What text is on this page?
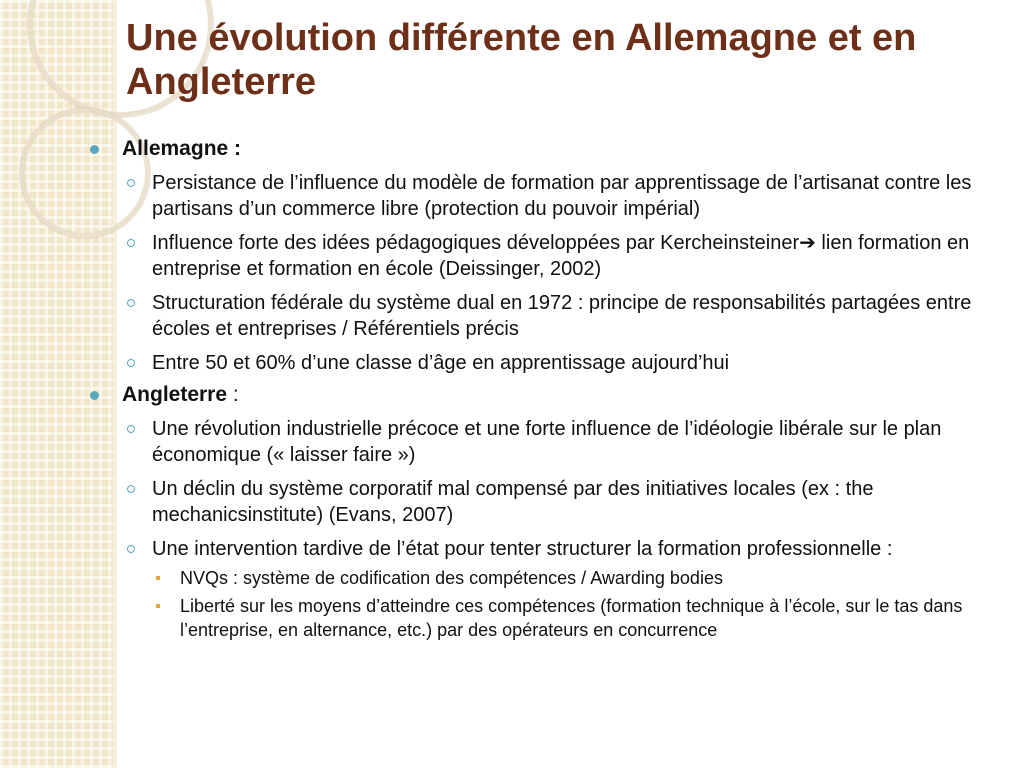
Une évolution différente en Allemagne et en Angleterre
Allemagne :
Persistance de l’influence du modèle de formation par apprentissage de l’artisanat contre les partisans d’un commerce libre (protection du pouvoir impérial)
Influence forte des idées pédagogiques développées par Kercheinsteiner➔ lien formation en entreprise et formation en école (Deissinger, 2002)
Structuration fédérale du système dual en 1972 : principe de responsabilités partagées entre écoles et entreprises / Référentiels précis
Entre 50 et 60% d’une classe d’âge en apprentissage aujourd’hui
Angleterre :
Une révolution industrielle précoce et une forte influence de l’idéologie libérale sur le plan économique (« laisser faire »)
Un déclin du système corporatif mal compensé par des initiatives locales (ex : the mechanicsinstitute) (Evans, 2007)
Une intervention tardive de l’état pour tenter structurer la formation professionnelle :
NVQs : système de codification des compétences / Awarding bodies
Liberté sur les moyens d’atteindre ces compétences (formation technique à l’école, sur le tas dans l’entreprise, en alternance, etc.) par des opérateurs en concurrence
